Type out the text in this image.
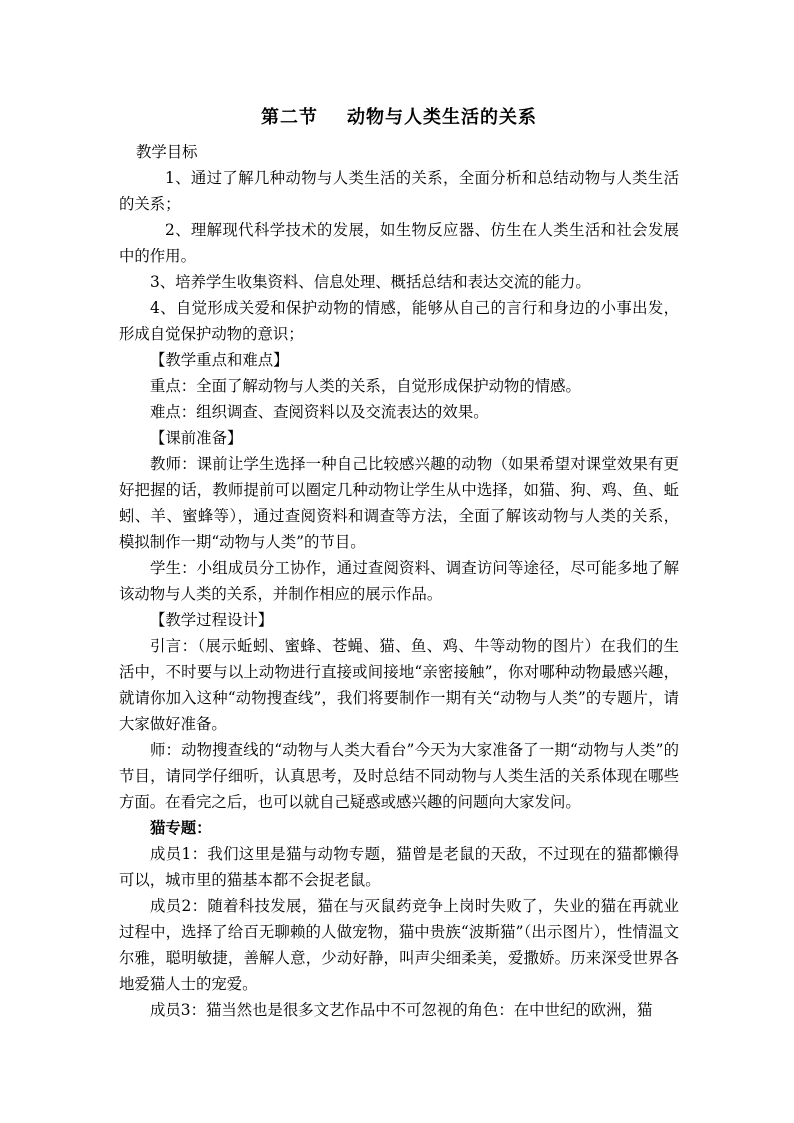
第二节    动物与人类生活的关系

教学目标

1、通过了解几种动物与人类生活的关系，全面分析和总结动物与人类生活的关系；

2、理解现代科学技术的发展，如生物反应器、仿生在人类生活和社会发展中的作用。

3、培养学生收集资料、信息处理、概括总结和表达交流的能力。

4、自觉形成关爱和保护动物的情感，能够从自己的言行和身边的小事出发，形成自觉保护动物的意识；

【教学重点和难点】

重点：全面了解动物与人类的关系，自觉形成保护动物的情感。

难点：组织调查、查阅资料以及交流表达的效果。

【课前准备】

教师：课前让学生选择一种自己比较感兴趣的动物（如果希望对课堂效果有更好把握的话，教师提前可以圈定几种动物让学生从中选择，如猫、狗、鸡、鱼、蚯蚓、羊、蜜蜂等），通过查阅资料和调查等方法，全面了解该动物与人类的关系，模拟制作一期“动物与人类”的节目。

学生：小组成员分工协作，通过查阅资料、调查访问等途径，尽可能多地了解该动物与人类的关系，并制作相应的展示作品。

【教学过程设计】

引言：（展示蚯蚓、蜜蜂、苍蝇、猫、鱼、鸡、牛等动物的图片）在我们的生活中，不时要与以上动物进行直接或间接地“亲密接触”，你对哪种动物最感兴趣，就请你加入这种“动物搜查线”，我们将要制作一期有关“动物与人类”的专题片，请大家做好准备。

师：动物搜查线的“动物与人类大看台”今天为大家准备了一期“动物与人类”的节目，请同学仔细听，认真思考，及时总结不同动物与人类生活的关系体现在哪些方面。在看完之后，也可以就自己疑惑或感兴趣的问题向大家发问。

猫专题：

成员1：我们这里是猫与动物专题，猫曾是老鼠的天敌，不过现在的猫都懒得可以，城市里的猫基本都不会捉老鼠。

成员2：随着科技发展，猫在与灭鼠药竞争上岗时失败了，失业的猫在再就业过程中，选择了给百无聊赖的人做宠物，猫中贵族“波斯猫”（出示图片），性情温文尔雅，聪明敏捷，善解人意，少动好静，叫声尖细柔美，爱撒娇。历来深受世界各地爱猫人士的宠爱。

成员3：猫当然也是很多文艺作品中不可忽视的角色：在中世纪的欧洲，猫
